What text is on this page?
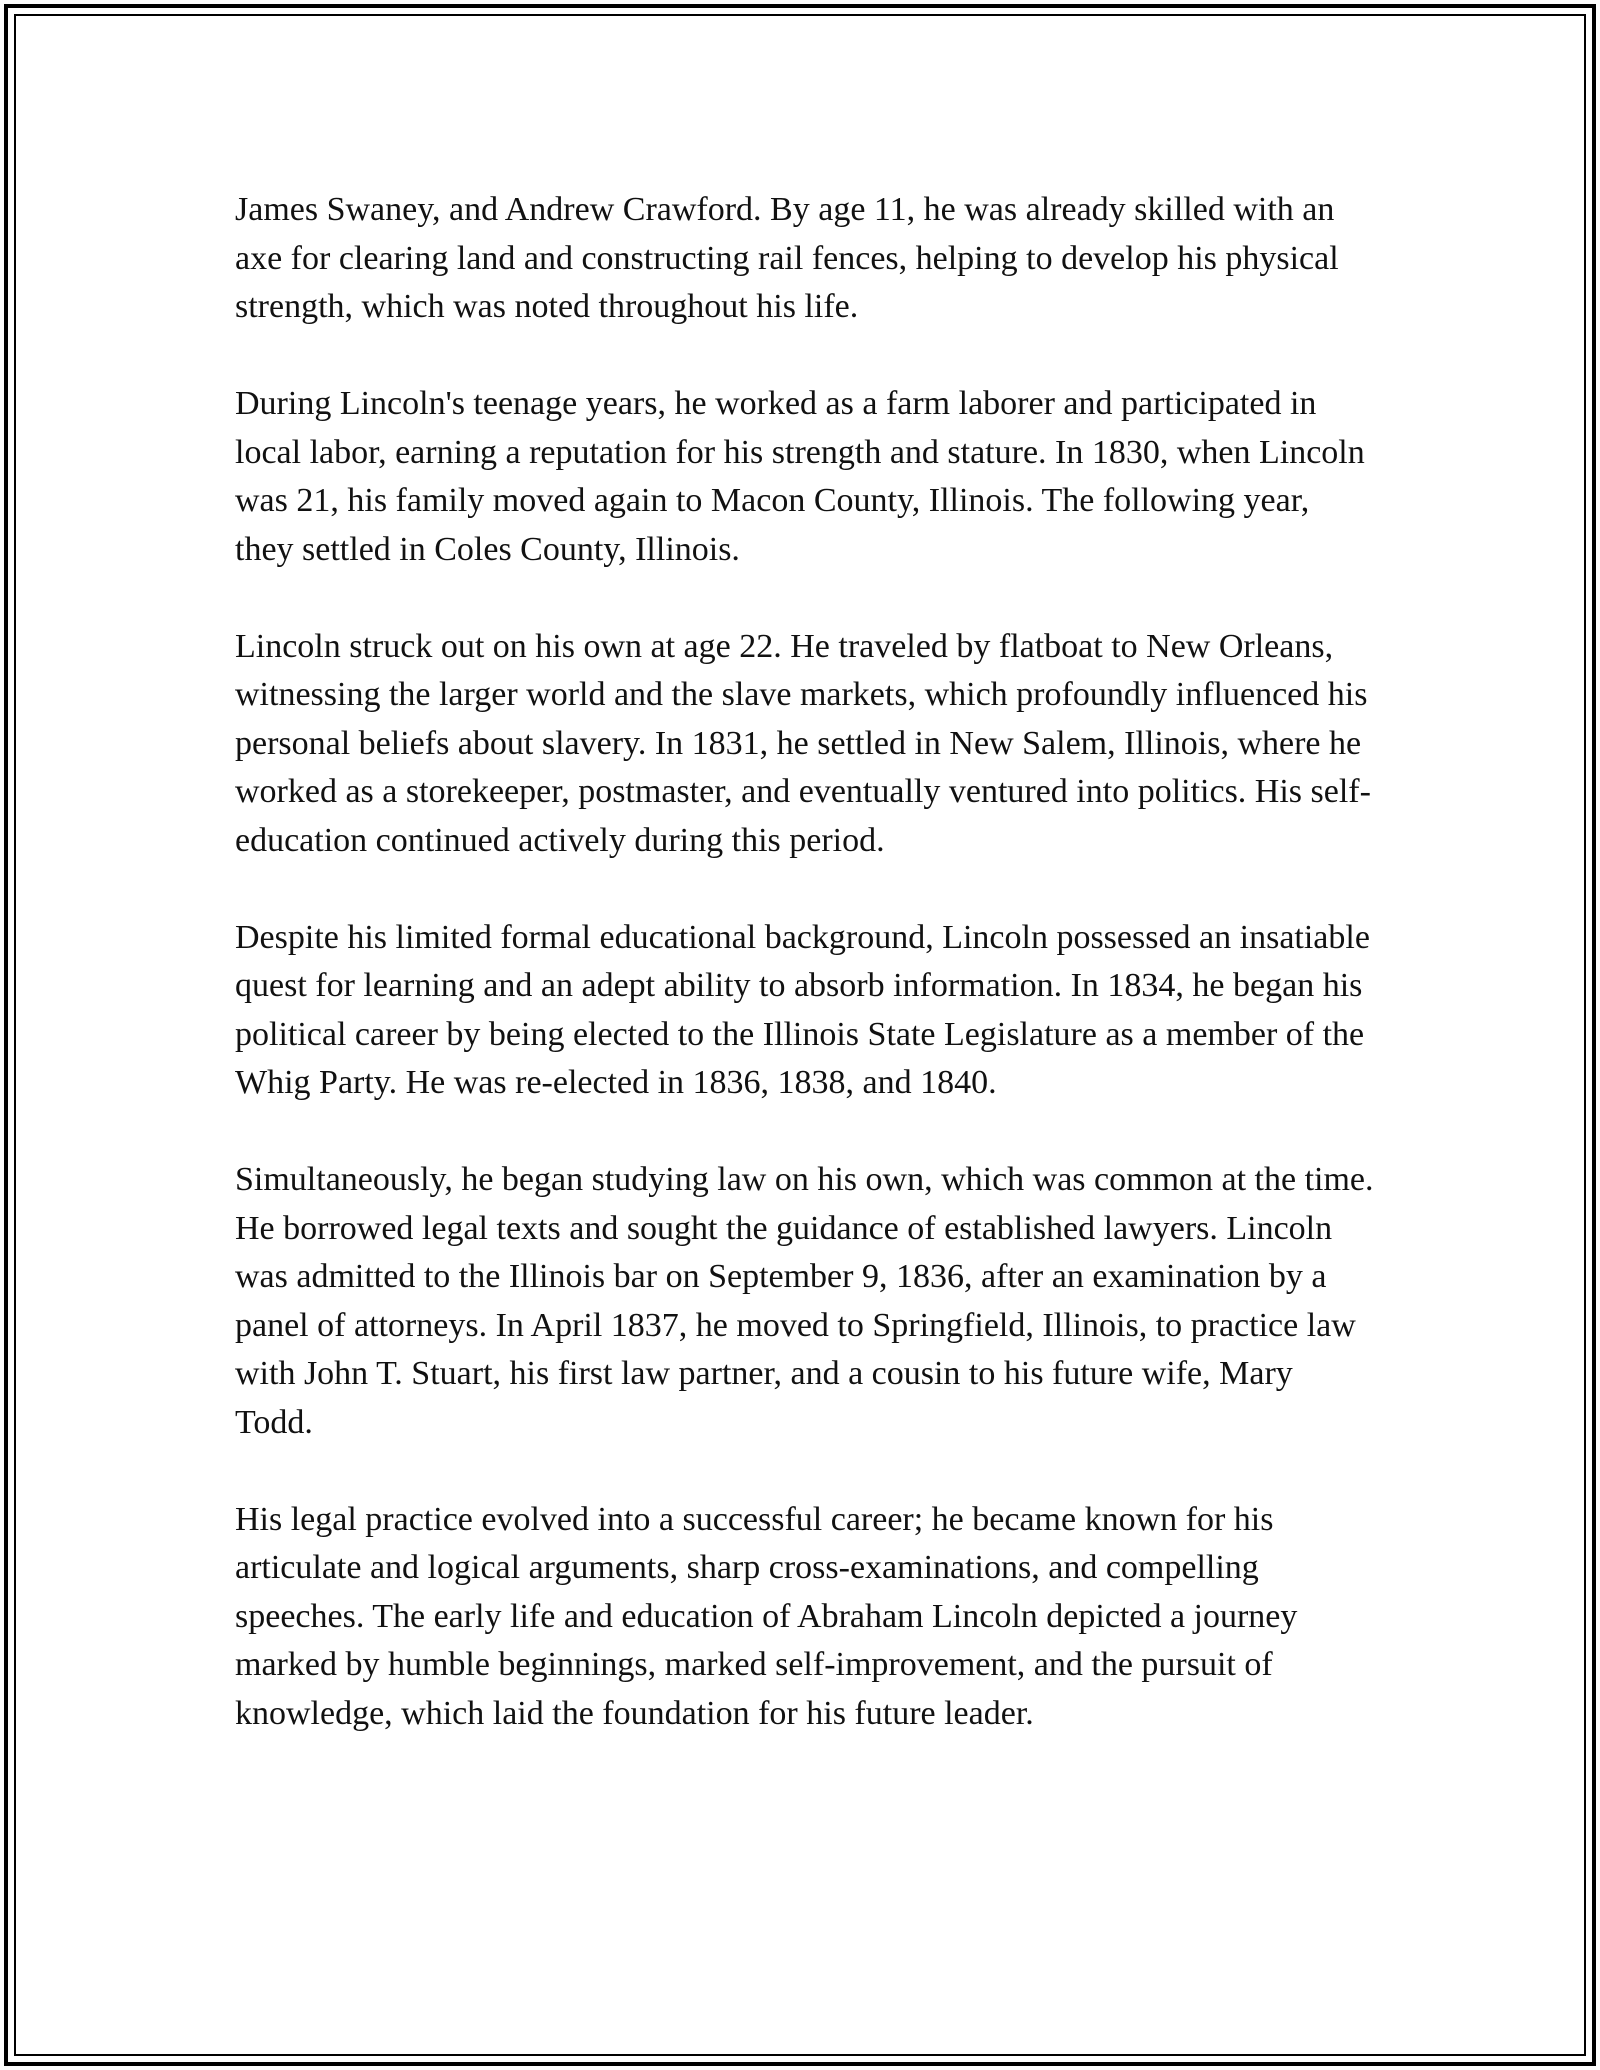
James Swaney, and Andrew Crawford. By age 11, he was already skilled with an axe for clearing land and constructing rail fences, helping to develop his physical strength, which was noted throughout his life.

During Lincoln's teenage years, he worked as a farm laborer and participated in local labor, earning a reputation for his strength and stature. In 1830, when Lincoln was 21, his family moved again to Macon County, Illinois. The following year, they settled in Coles County, Illinois.

Lincoln struck out on his own at age 22. He traveled by flatboat to New Orleans, witnessing the larger world and the slave markets, which profoundly influenced his personal beliefs about slavery. In 1831, he settled in New Salem, Illinois, where he worked as a storekeeper, postmaster, and eventually ventured into politics. His self-education continued actively during this period.

Despite his limited formal educational background, Lincoln possessed an insatiable quest for learning and an adept ability to absorb information. In 1834, he began his political career by being elected to the Illinois State Legislature as a member of the Whig Party. He was re-elected in 1836, 1838, and 1840.

Simultaneously, he began studying law on his own, which was common at the time. He borrowed legal texts and sought the guidance of established lawyers. Lincoln was admitted to the Illinois bar on September 9, 1836, after an examination by a panel of attorneys. In April 1837, he moved to Springfield, Illinois, to practice law with John T. Stuart, his first law partner, and a cousin to his future wife, Mary Todd.

His legal practice evolved into a successful career; he became known for his articulate and logical arguments, sharp cross-examinations, and compelling speeches. The early life and education of Abraham Lincoln depicted a journey marked by humble beginnings, marked self-improvement, and the pursuit of knowledge, which laid the foundation for his future leader.
